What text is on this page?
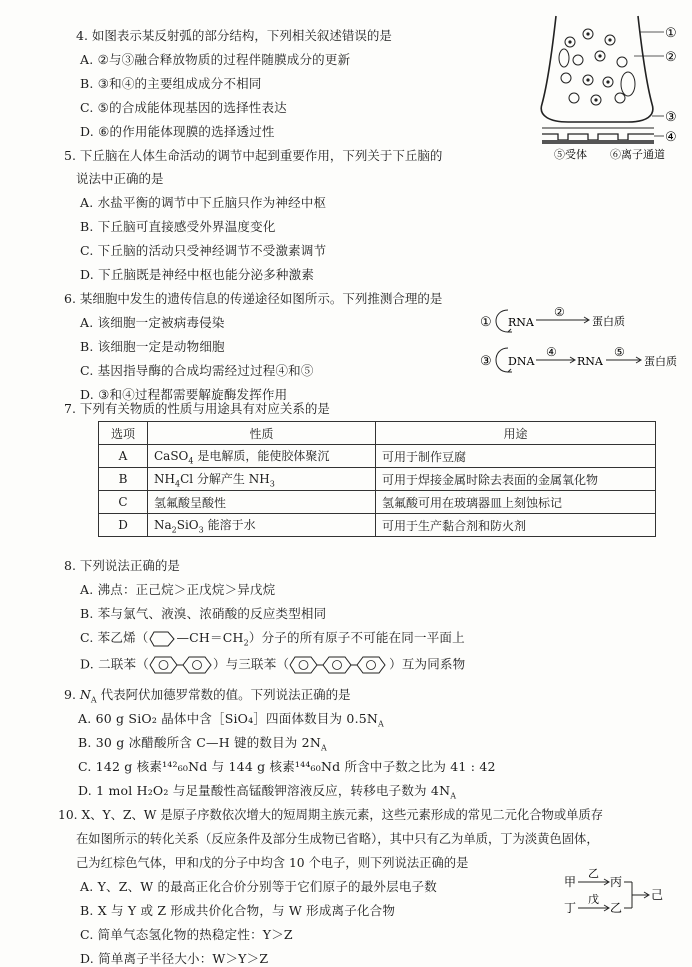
4. 如图表示某反射弧的部分结构，下列相关叙述错误的是
A. ②与③融合释放物质的过程伴随膜成分的更新
B. ③和④的主要组成成分不相同
C. ⑤的合成能体现基因的选择性表达
D. ⑥的作用能体现膜的选择透过性
①
②
③
④
⑤受体 ⑥离子通道
5. 下丘脑在人体生命活动的调节中起到重要作用，下列关于下丘脑的
说法中正确的是
A. 水盐平衡的调节中下丘脑只作为神经中枢
B. 下丘脑可直接感受外界温度变化
C. 下丘脑的活动只受神经调节不受激素调节
D. 下丘脑既是神经中枢也能分泌多种激素
6. 某细胞中发生的遗传信息的传递途径如图所示。下列推测合理的是
A. 该细胞一定被病毒侵染
B. 该细胞一定是动物细胞
C. 基因指导酶的合成均需经过过程④和⑤
D. ③和④过程都需要解旋酶发挥作用
① RNA
②
蛋白质
③ DNA
④
RNA
⑤
蛋白质
7. 下列有关物质的性质与用途具有对应关系的是
选项	性质	用途
A	CaSO$_4$ 是电解质，能使胶体聚沉	可用于制作豆腐
B	$NH_4Cl$ 分解产生 $NH_3$	可用于焊接金属时除去表面的金属氧化物
C	氢氟酸呈酸性	氢氟酸可用在玻璃器皿上刻蚀标记
D	$Na_2SiO_3$ 能溶于水	可用于生产黏合剂和防火剂
8. 下列说法正确的是
A. 沸点：正己烷＞正戊烷＞异戊烷
B. 苯与氯气、液溴、浓硝酸的反应类型相同
C. 苯乙烯（ $—CH=CH_2$）分子的所有原子不可能在同一平面上
D. 二联苯（	）与三联苯（	）互为同系物
9. $N_A$ 代表阿伏加德罗常数的值。下列说法正确的是
A. 60 g SiO₂ 晶体中含［SiO₄］四面体数目为 $0.5N_A$
B. 30 g 冰醋酸所含 C—H 键的数目为 $2N_A$
C. 142 g 核素¹⁴²₆₀Nd 与 144 g 核素¹⁴⁴₆₀Nd 所含中子数之比为 41 : 42
D. 1 mol H₂O₂ 与足量酸性高锰酸钾溶液反应，转移电子数为 $4N_A$
10. X、Y、Z、W 是原子序数依次增大的短周期主族元素，这些元素形成的常见二元化合物或单质存
在如图所示的转化关系（反应条件及部分生成物已省略），其中只有乙为单质，丁为淡黄色固体，
己为红棕色气体，甲和戊的分子中均含 10 个电子，则下列说法正确的是
A. Y、Z、W 的最高正化合价分别等于它们原子的最外层电子数
B. X 与 Y 或 Z 形成共价化合物，与 W 形成离子化合物
C. 简单气态氢化物的热稳定性：Y＞Z
D. 简单离子半径大小：W＞Y＞Z
甲
乙
丙
己
丁
戊
乙
